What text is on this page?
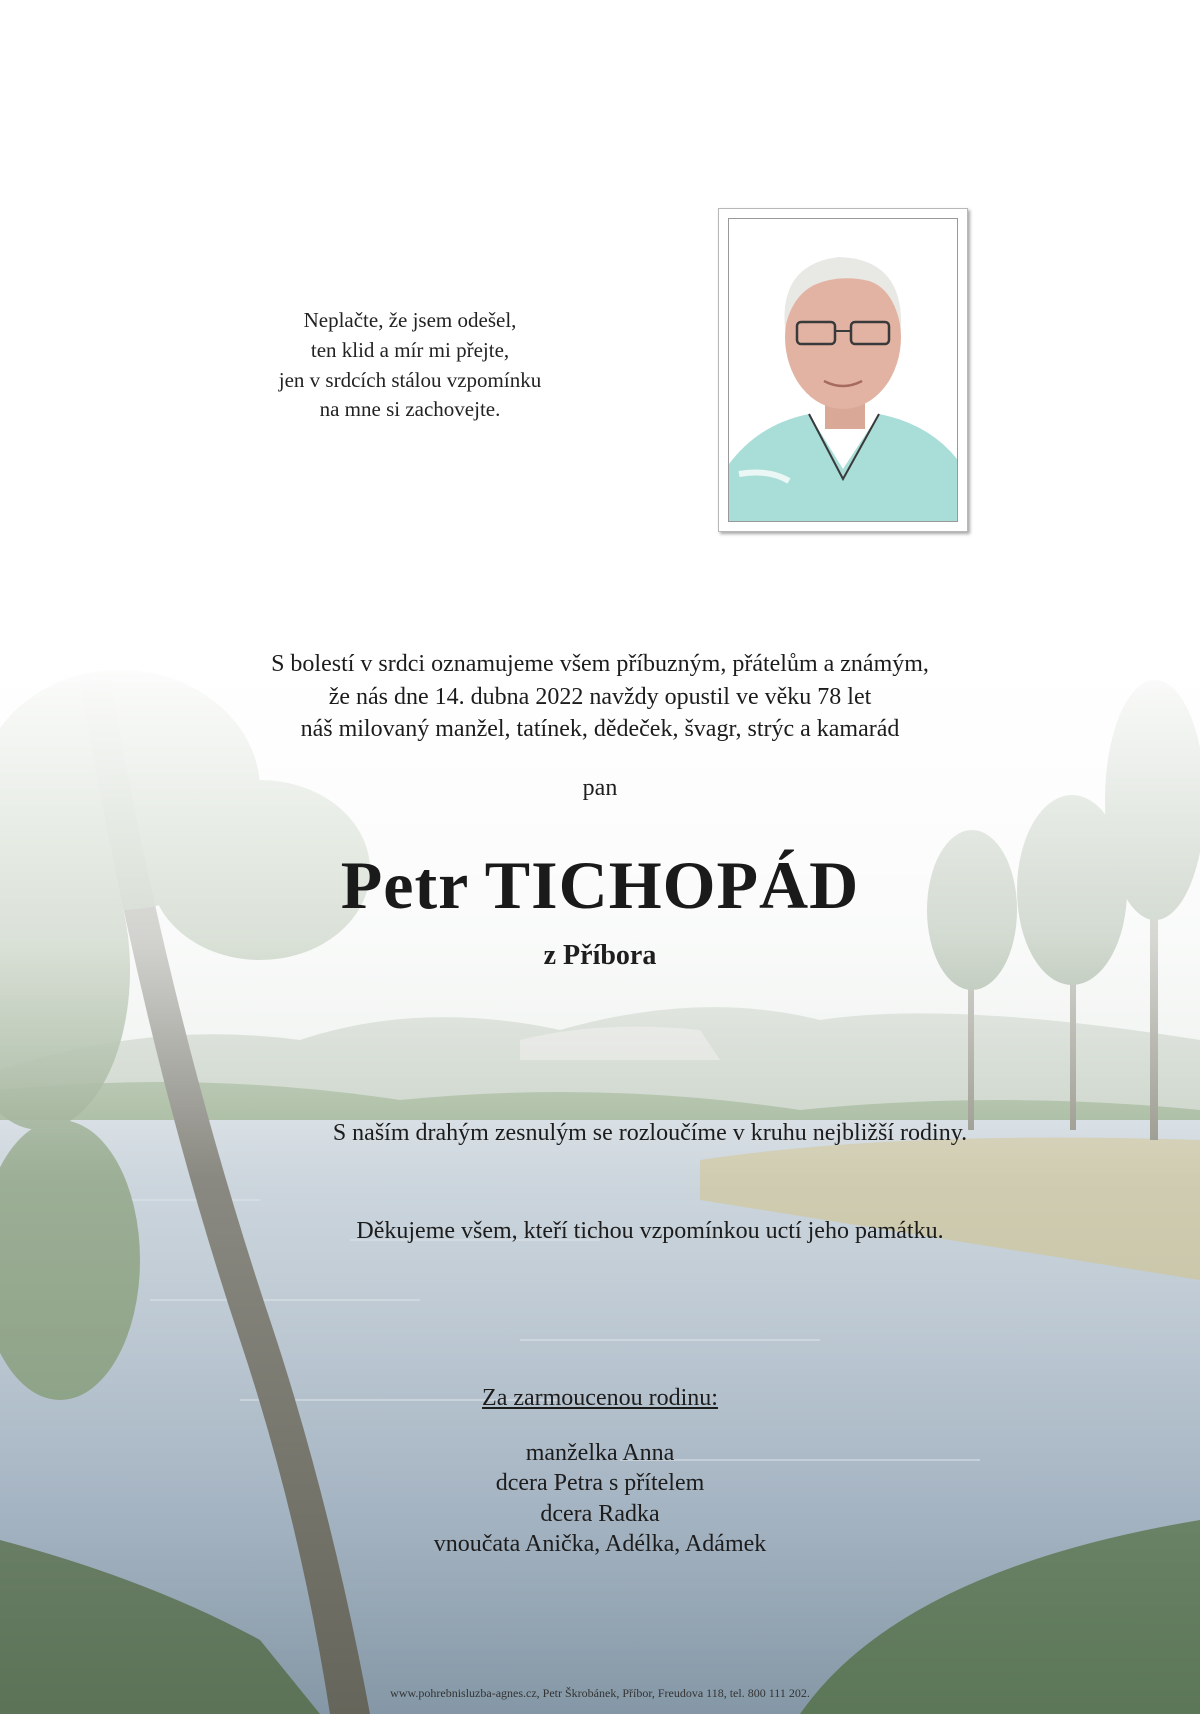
Neplačte, že jsem odešel,
ten klid a mír mi přejte,
jen v srdcích stálou vzpomínku
na mne si zachovejte.
S bolestí v srdci oznamujeme všem příbuzným, přátelům a známým,
že nás dne 14. dubna 2022 navždy opustil ve věku 78 let
náš milovaný manžel, tatínek, dědeček, švagr, strýc a kamarád
pan
Petr TICHOPÁD
z Příbora
S naším drahým zesnulým se rozloučíme v kruhu nejbližší rodiny.
Děkujeme všem, kteří tichou vzpomínkou uctí jeho památku.
Za zarmoucenou rodinu:
manželka Anna
dcera Petra s přítelem
dcera Radka
vnoučata Anička, Adélka, Adámek
www.pohrebnisluzba-agnes.cz, Petr Škrobánek, Příbor, Freudova 118, tel. 800 111 202.
